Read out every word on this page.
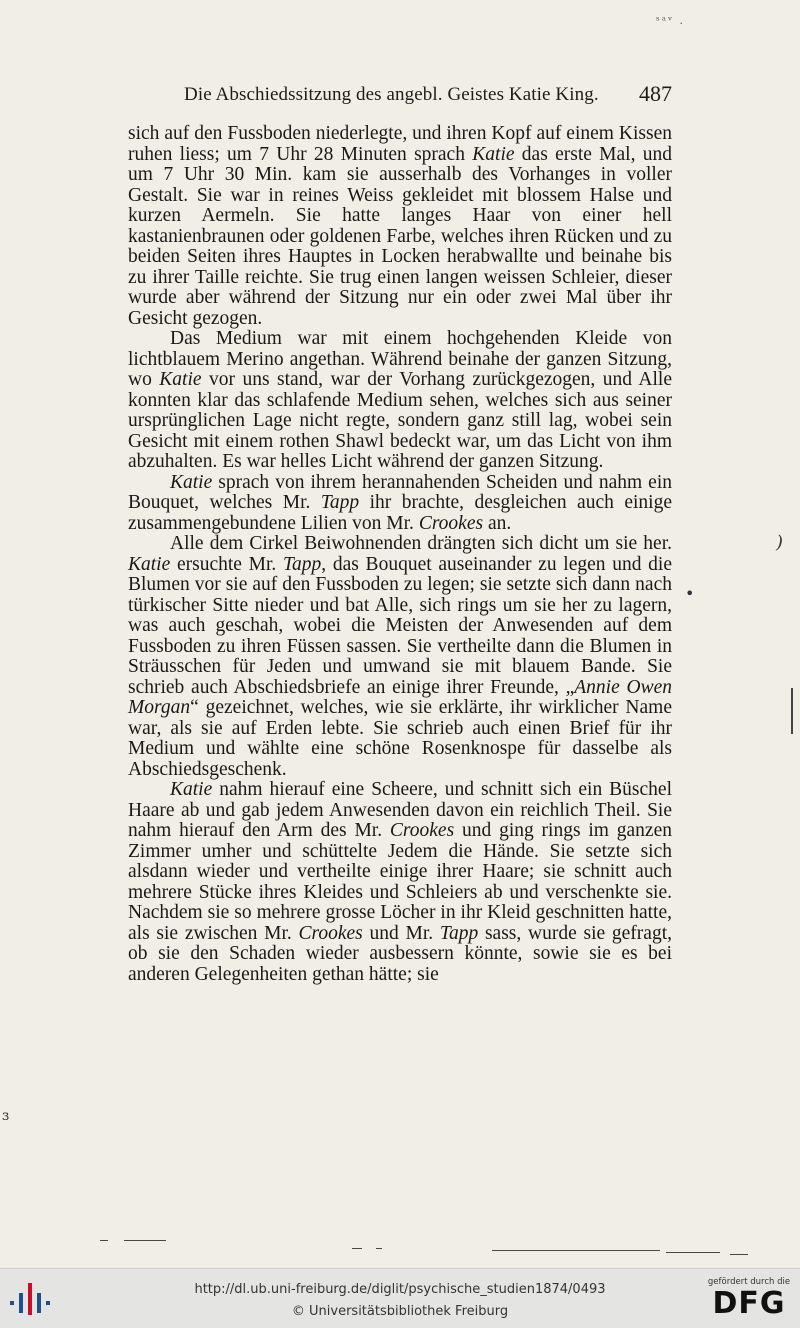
ˢᵃᵛ .
Die Abschiedssitzung des angebl. Geistes Katie King. 487

sich auf den Fussboden niederlegte, und ihren Kopf auf einem Kissen ruhen liess; um 7 Uhr 28 Minuten sprach Katie das erste Mal, und um 7 Uhr 30 Min. kam sie ausserhalb des Vorhanges in voller Gestalt. Sie war in reines Weiss gekleidet mit blossem Halse und kurzen Aermeln. Sie hatte langes Haar von einer hell kastanienbraunen oder goldenen Farbe, welches ihren Rücken und zu beiden Seiten ihres Hauptes in Locken herabwallte und beinahe bis zu ihrer Taille reichte. Sie trug einen langen weissen Schleier, dieser wurde aber während der Sitzung nur ein oder zwei Mal über ihr Gesicht gezogen.

Das Medium war mit einem hochgehenden Kleide von lichtblauem Merino angethan. Während beinahe der ganzen Sitzung, wo Katie vor uns stand, war der Vorhang zurückgezogen, und Alle konnten klar das schlafende Medium sehen, welches sich aus seiner ursprünglichen Lage nicht regte, sondern ganz still lag, wobei sein Gesicht mit einem rothen Shawl bedeckt war, um das Licht von ihm abzuhalten. Es war helles Licht während der ganzen Sitzung.

Katie sprach von ihrem herannahenden Scheiden und nahm ein Bouquet, welches Mr. Tapp ihr brachte, desgleichen auch einige zusammengebundene Lilien von Mr. Crookes an.

Alle dem Cirkel Beiwohnenden drängten sich dicht um sie her. Katie ersuchte Mr. Tapp, das Bouquet auseinander zu legen und die Blumen vor sie auf den Fussboden zu legen; sie setzte sich dann nach türkischer Sitte nieder und bat Alle, sich rings um sie her zu lagern, was auch geschah, wobei die Meisten der Anwesenden auf dem Fussboden zu ihren Füssen sassen. Sie vertheilte dann die Blumen in Sträusschen für Jeden und umwand sie mit blauem Bande. Sie schrieb auch Abschiedsbriefe an einige ihrer Freunde, „Annie Owen Morgan“ gezeichnet, welches, wie sie erklärte, ihr wirklicher Name war, als sie auf Erden lebte. Sie schrieb auch einen Brief für ihr Medium und wählte eine schöne Rosenknospe für dasselbe als Abschiedsgeschenk.

Katie nahm hierauf eine Scheere, und schnitt sich ein Büschel Haare ab und gab jedem Anwesenden davon ein reichlich Theil. Sie nahm hierauf den Arm des Mr. Crookes und ging rings im ganzen Zimmer umher und schüttelte Jedem die Hände. Sie setzte sich alsdann wieder und vertheilte einige ihrer Haare; sie schnitt auch mehrere Stücke ihres Kleides und Schleiers ab und verschenkte sie. Nachdem sie so mehrere grosse Löcher in ihr Kleid geschnitten hatte, als sie zwischen Mr. Crookes und Mr. Tapp sass, wurde sie gefragt, ob sie den Schaden wieder ausbessern könnte, sowie sie es bei anderen Gelegenheiten gethan hätte; sie

)
•
ɜ
http://dl.ub.uni-freiburg.de/diglit/psychische_studien1874/0493
© Universitätsbibliothek Freiburg
gefördert durch die
DFG
